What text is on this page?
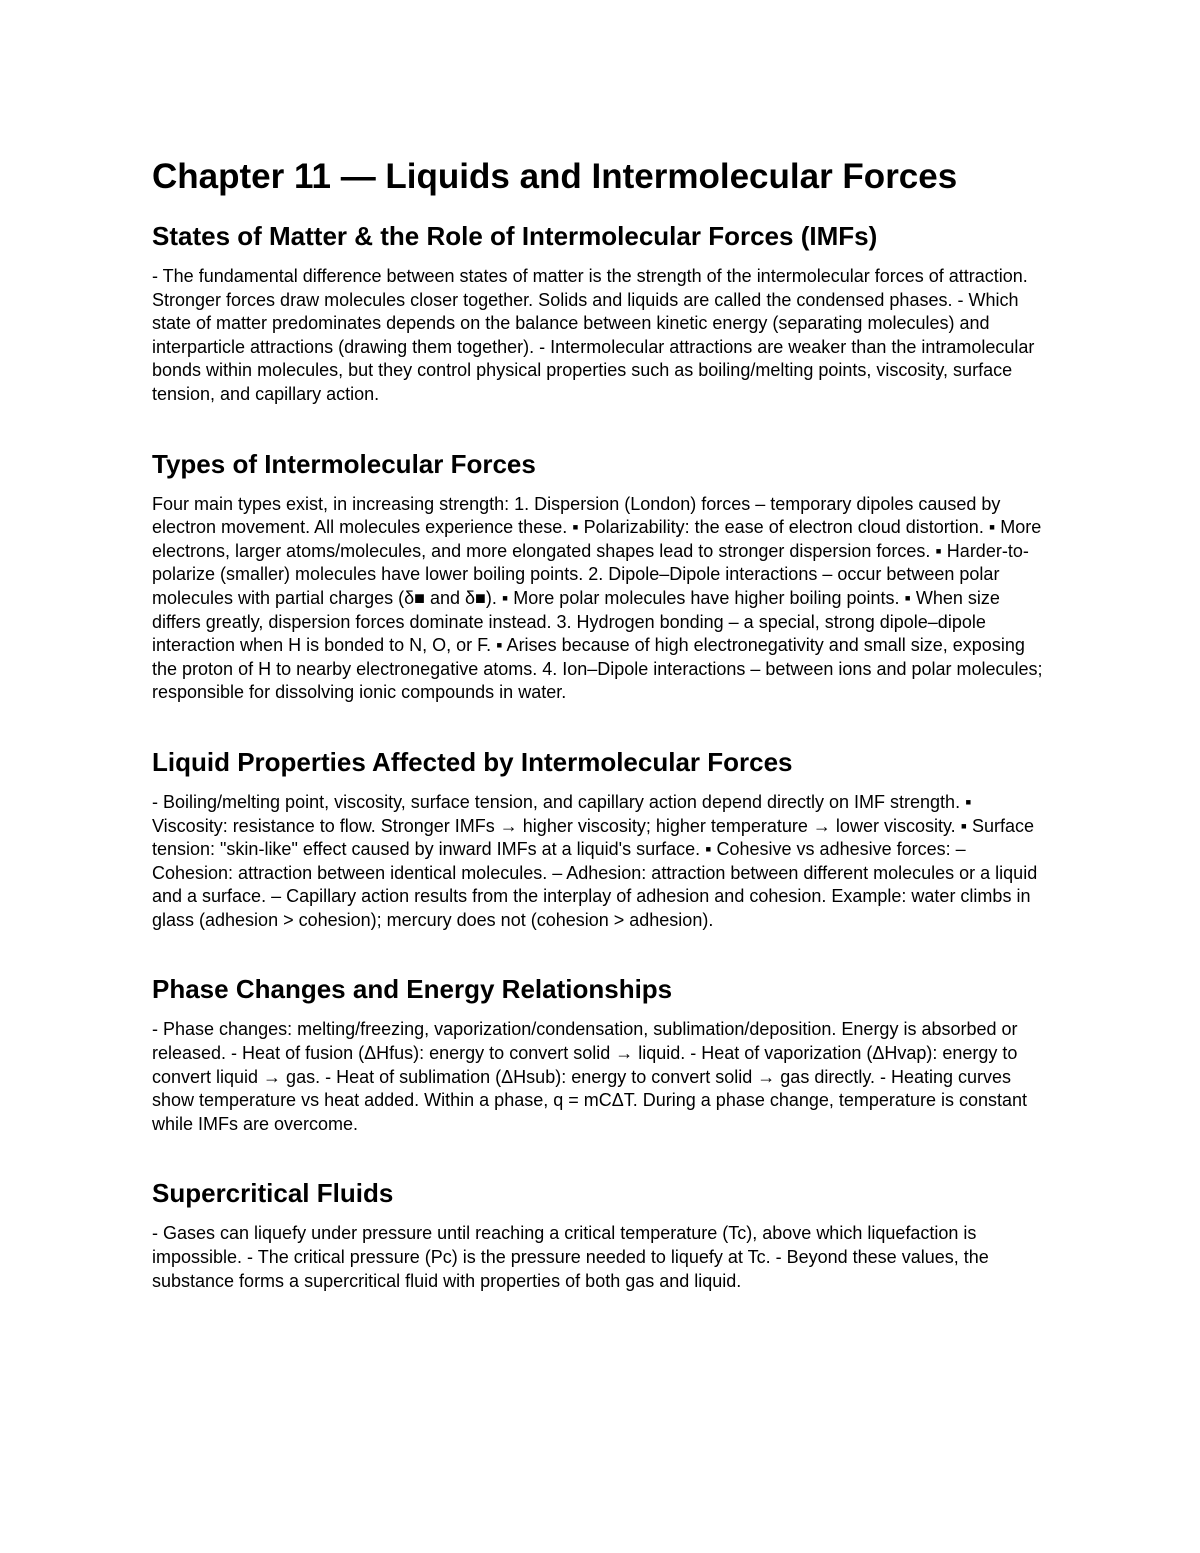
Chapter 11 — Liquids and Intermolecular Forces
States of Matter & the Role of Intermolecular Forces (IMFs)

- The fundamental difference between states of matter is the strength of the intermolecular forces of attraction. Stronger forces draw molecules closer together. Solids and liquids are called the condensed phases. - Which state of matter predominates depends on the balance between kinetic energy (separating molecules) and interparticle attractions (drawing them together). - Intermolecular attractions are weaker than the intramolecular bonds within molecules, but they control physical properties such as boiling/melting points, viscosity, surface tension, and capillary action.

Types of Intermolecular Forces

Four main types exist, in increasing strength: 1. Dispersion (London) forces – temporary dipoles caused by electron movement. All molecules experience these. ▪ Polarizability: the ease of electron cloud distortion. ▪ More electrons, larger atoms/molecules, and more elongated shapes lead to stronger dispersion forces. ▪ Harder-to-polarize (smaller) molecules have lower boiling points. 2. Dipole–Dipole interactions – occur between polar molecules with partial charges (δ■ and δ■). ▪ More polar molecules have higher boiling points. ▪ When size differs greatly, dispersion forces dominate instead. 3. Hydrogen bonding – a special, strong dipole–dipole interaction when H is bonded to N, O, or F. ▪ Arises because of high electronegativity and small size, exposing the proton of H to nearby electronegative atoms. 4. Ion–Dipole interactions – between ions and polar molecules; responsible for dissolving ionic compounds in water.

Liquid Properties Affected by Intermolecular Forces

- Boiling/melting point, viscosity, surface tension, and capillary action depend directly on IMF strength. ▪ Viscosity: resistance to flow. Stronger IMFs → higher viscosity; higher temperature → lower viscosity. ▪ Surface tension: "skin-like" effect caused by inward IMFs at a liquid's surface. ▪ Cohesive vs adhesive forces: – Cohesion: attraction between identical molecules. – Adhesion: attraction between different molecules or a liquid and a surface. – Capillary action results from the interplay of adhesion and cohesion. Example: water climbs in glass (adhesion > cohesion); mercury does not (cohesion > adhesion).

Phase Changes and Energy Relationships

- Phase changes: melting/freezing, vaporization/condensation, sublimation/deposition. Energy is absorbed or released. - Heat of fusion (ΔHfus): energy to convert solid → liquid. - Heat of vaporization (ΔHvap): energy to convert liquid → gas. - Heat of sublimation (ΔHsub): energy to convert solid → gas directly. - Heating curves show temperature vs heat added. Within a phase, q = mCΔT. During a phase change, temperature is constant while IMFs are overcome.

Supercritical Fluids

- Gases can liquefy under pressure until reaching a critical temperature (Tc), above which liquefaction is impossible. - The critical pressure (Pc) is the pressure needed to liquefy at Tc. - Beyond these values, the substance forms a supercritical fluid with properties of both gas and liquid.
